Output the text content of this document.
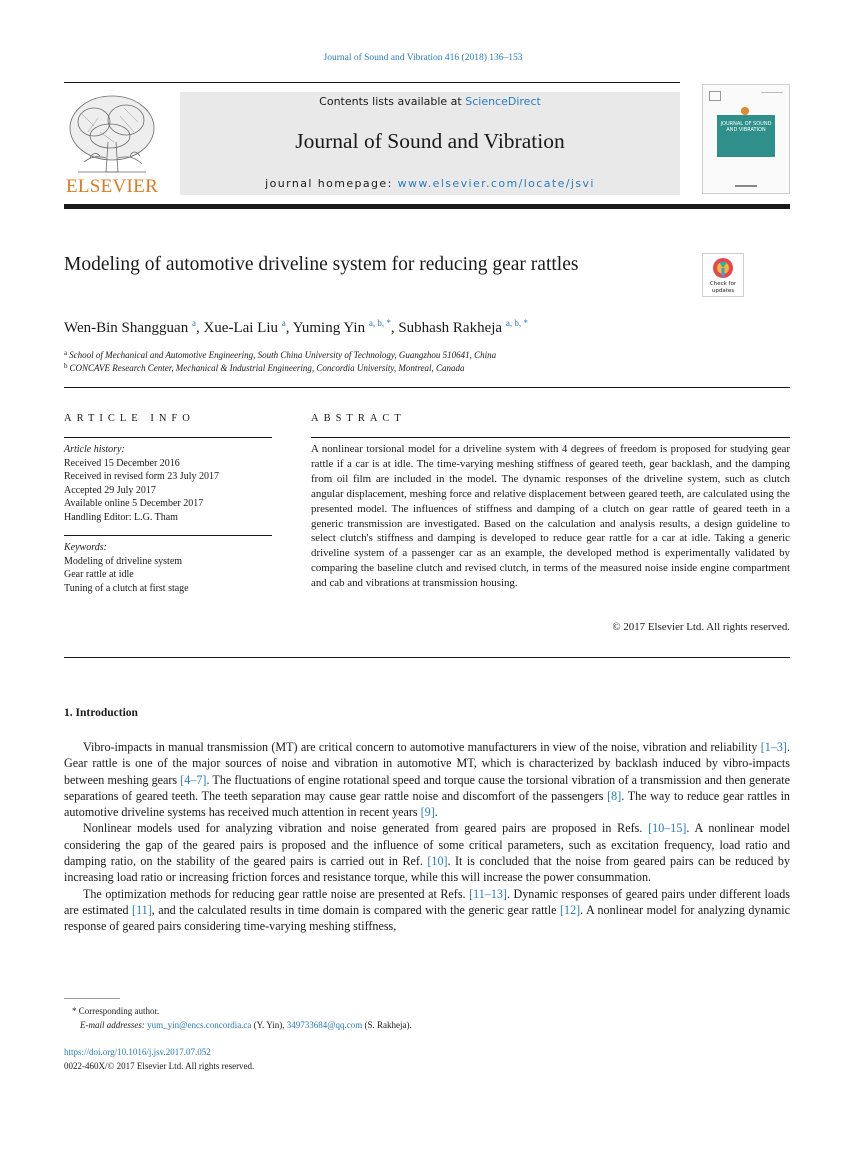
Journal of Sound and Vibration 416 (2018) 136–153
ELSEVIER
Contents lists available at ScienceDirect
Journal of Sound and Vibration
journal homepage: www.elsevier.com/locate/jsvi
JOURNAL OF SOUND AND VIBRATION
Modeling of automotive driveline system for reducing gear rattles
Check for updates
Wen-Bin Shangguan $^a$, Xue-Lai Liu $^a$, Yuming Yin $^{a, b, *}$, Subhash Rakheja $^{a, b, *}$
$^a$ School of Mechanical and Automotive Engineering, South China University of Technology, Guangzhou 510641, China
$^b$ CONCAVE Research Center, Mechanical & Industrial Engineering, Concordia University, Montreal, Canada
ARTICLE INFO
Article history:
Received 15 December 2016
Received in revised form 23 July 2017
Accepted 29 July 2017
Available online 5 December 2017
Handling Editor: L.G. Tham
Keywords:
Modeling of driveline system
Gear rattle at idle
Tuning of a clutch at first stage
ABSTRACT
A nonlinear torsional model for a driveline system with 4 degrees of freedom is proposed for studying gear rattle if a car is at idle. The time-varying meshing stiffness of geared teeth, gear backlash, and the damping from oil film are included in the model. The dynamic responses of the driveline system, such as clutch angular displacement, meshing force and relative displacement between geared teeth, are calculated using the presented model. The influences of stiffness and damping of a clutch on gear rattle of geared teeth in a generic transmission are investigated. Based on the calculation and analysis results, a design guideline to select clutch's stiffness and damping is developed to reduce gear rattle for a car at idle. Taking a generic driveline system of a passenger car as an example, the developed method is experimentally validated by comparing the baseline clutch and revised clutch, in terms of the measured noise inside engine compartment and cab and vibrations at transmission housing.
© 2017 Elsevier Ltd. All rights reserved.
1. Introduction

Vibro-impacts in manual transmission (MT) are critical concern to automotive manufacturers in view of the noise, vibration and reliability [1–3]. Gear rattle is one of the major sources of noise and vibration in automotive MT, which is characterized by backlash induced by vibro-impacts between meshing gears [4–7]. The fluctuations of engine rotational speed and torque cause the torsional vibration of a transmission and then generate separations of geared teeth. The teeth separation may cause gear rattle noise and discomfort of the passengers [8]. The way to reduce gear rattles in automotive driveline systems has received much attention in recent years [9].

Nonlinear models used for analyzing vibration and noise generated from geared pairs are proposed in Refs. [10–15]. A nonlinear model considering the gap of the geared pairs is proposed and the influence of some critical parameters, such as excitation frequency, load ratio and damping ratio, on the stability of the geared pairs is carried out in Ref. [10]. It is concluded that the noise from geared pairs can be reduced by increasing load ratio or increasing friction forces and resistance torque, while this will increase the power consummation.

The optimization methods for reducing gear rattle noise are presented at Refs. [11–13]. Dynamic responses of geared pairs under different loads are estimated [11], and the calculated results in time domain is compared with the generic gear rattle [12]. A nonlinear model for analyzing dynamic response of geared pairs considering time-varying meshing stiffness,

* Corresponding author.
E-mail addresses: yum_yin@encs.concordia.ca (Y. Yin), 349733684@qq.com (S. Rakheja).
https://doi.org/10.1016/j.jsv.2017.07.052
0022-460X/© 2017 Elsevier Ltd. All rights reserved.
